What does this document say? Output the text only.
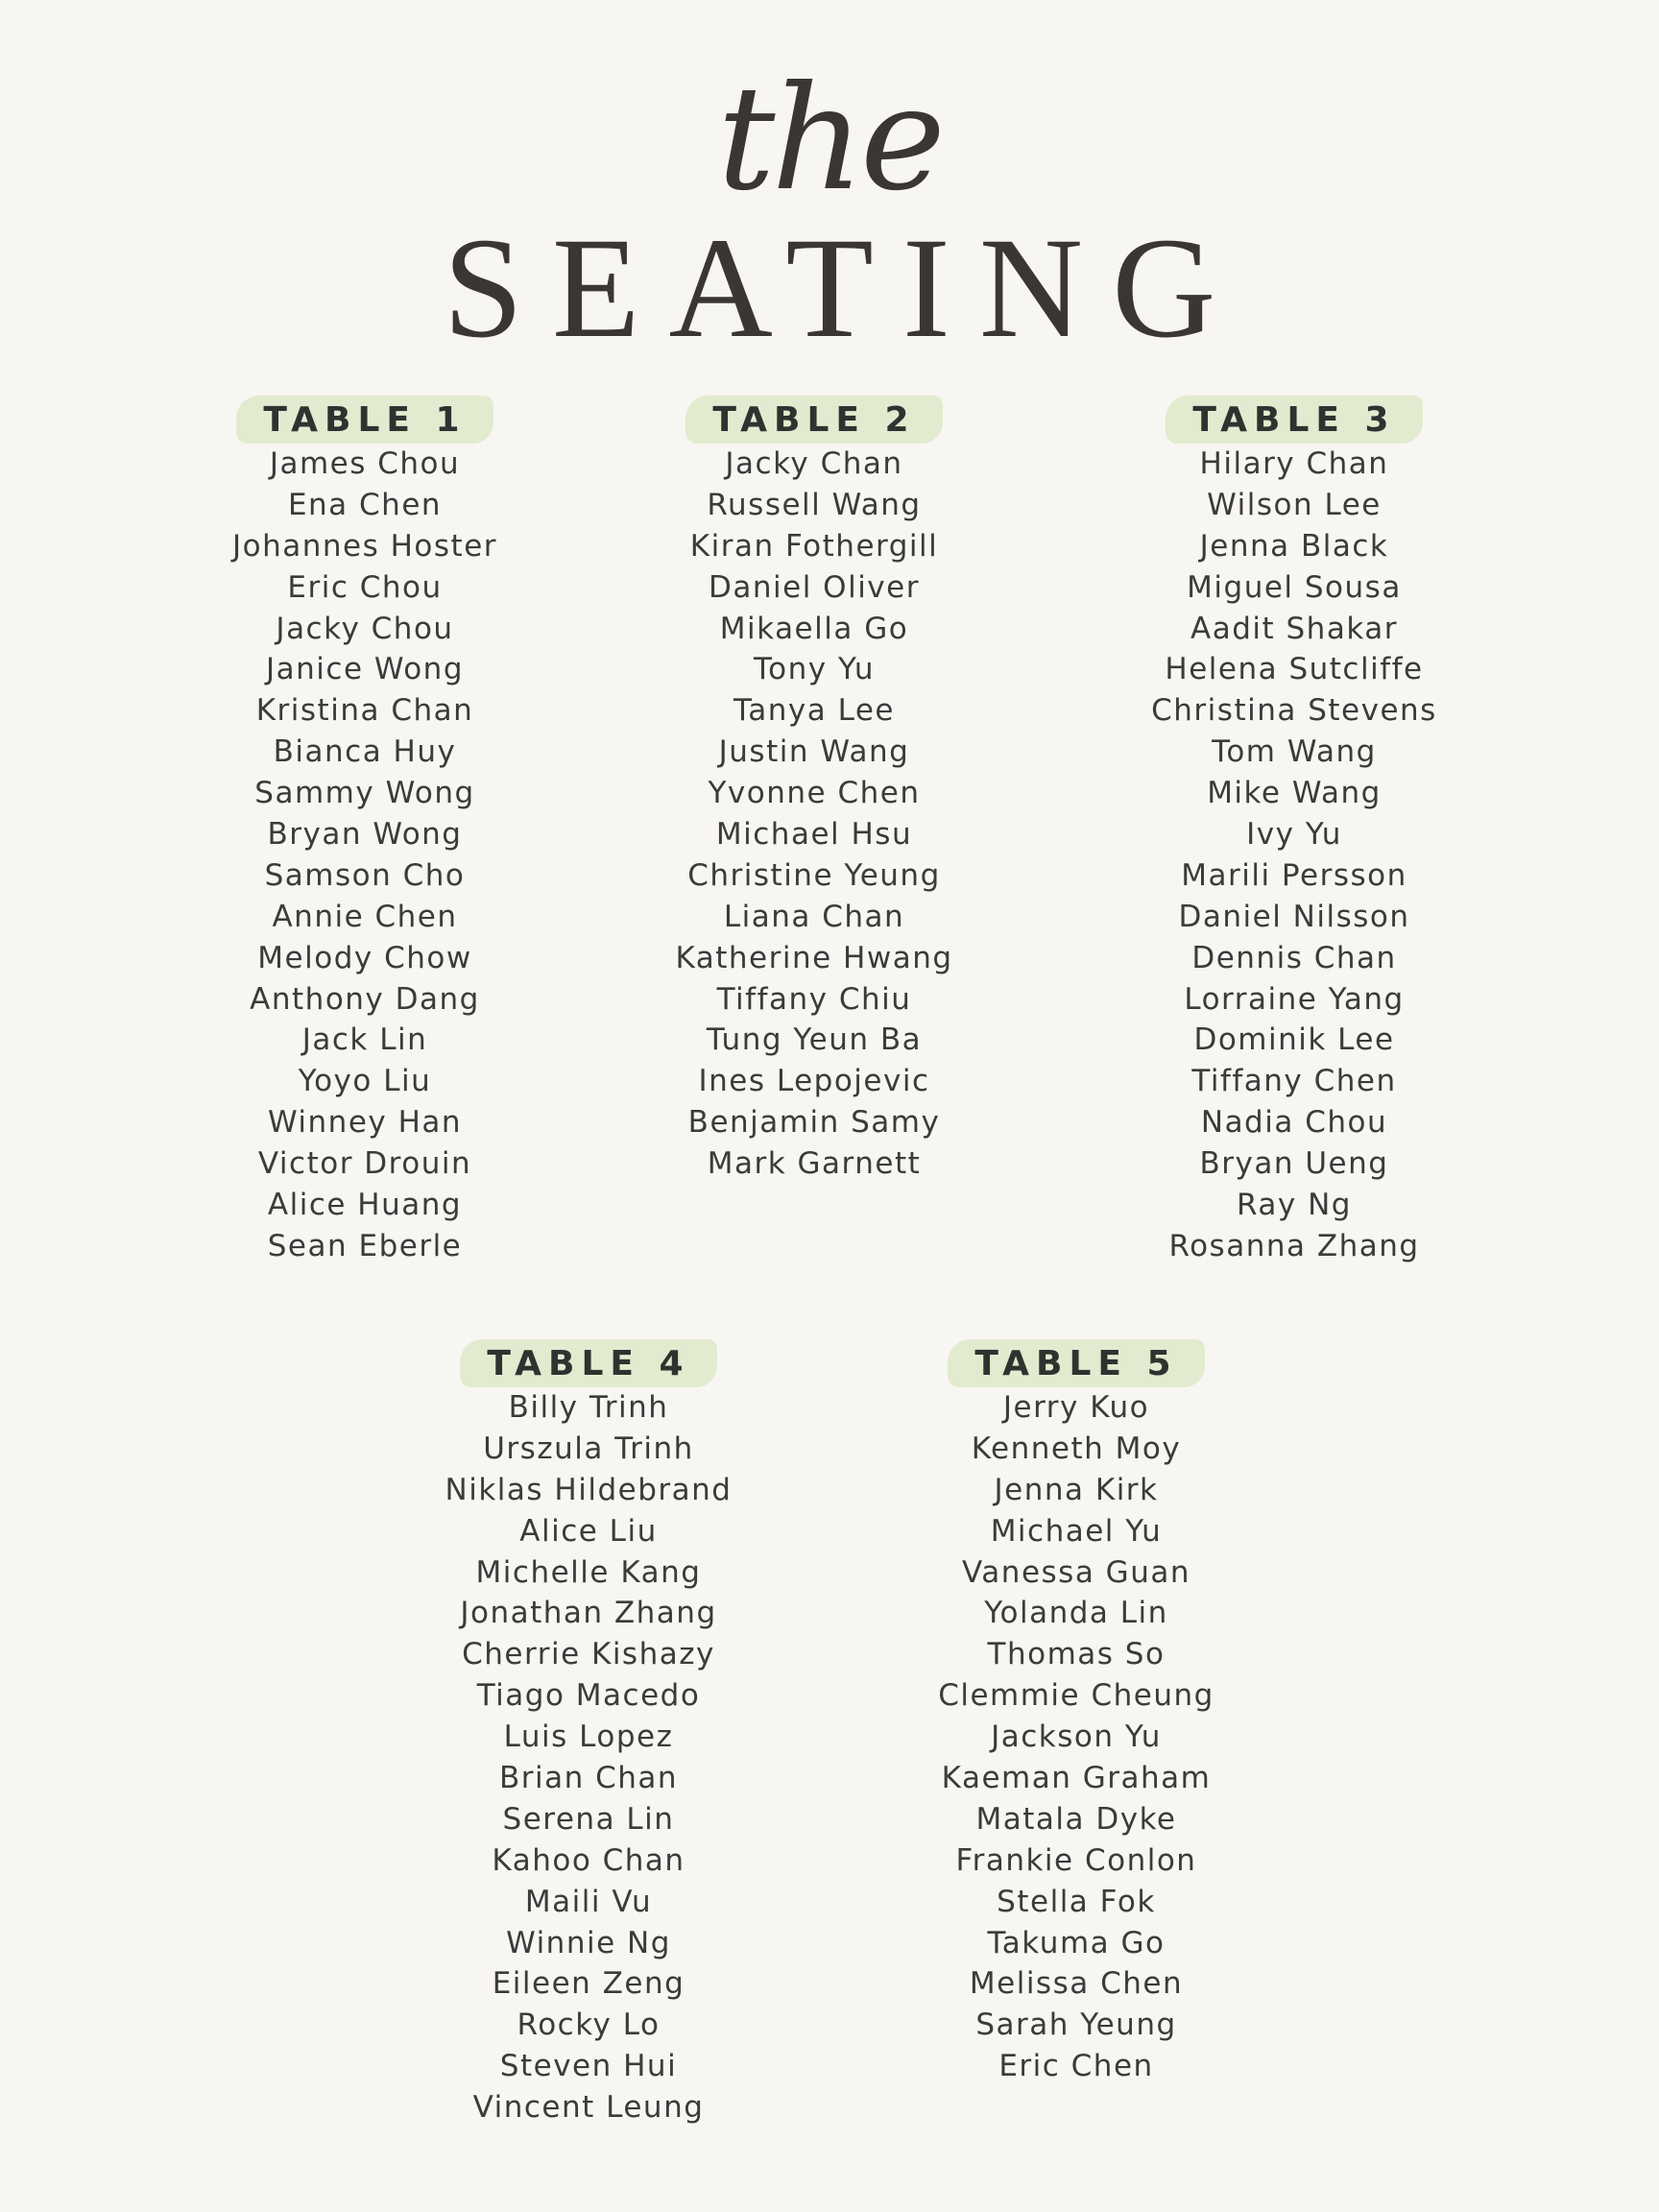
the
SEATING
TABLE 1
James Chou
Ena Chen
Johannes Hoster
Eric Chou
Jacky Chou
Janice Wong
Kristina Chan
Bianca Huy
Sammy Wong
Bryan Wong
Samson Cho
Annie Chen
Melody Chow
Anthony Dang
Jack Lin
Yoyo Liu
Winney Han
Victor Drouin
Alice Huang
Sean Eberle
TABLE 2
Jacky Chan
Russell Wang
Kiran Fothergill
Daniel Oliver
Mikaella Go
Tony Yu
Tanya Lee
Justin Wang
Yvonne Chen
Michael Hsu
Christine Yeung
Liana Chan
Katherine Hwang
Tiffany Chiu
Tung Yeun Ba
Ines Lepojevic
Benjamin Samy
Mark Garnett
TABLE 3
Hilary Chan
Wilson Lee
Jenna Black
Miguel Sousa
Aadit Shakar
Helena Sutcliffe
Christina Stevens
Tom Wang
Mike Wang
Ivy Yu
Marili Persson
Daniel Nilsson
Dennis Chan
Lorraine Yang
Dominik Lee
Tiffany Chen
Nadia Chou
Bryan Ueng
Ray Ng
Rosanna Zhang
TABLE 4
Billy Trinh
Urszula Trinh
Niklas Hildebrand
Alice Liu
Michelle Kang
Jonathan Zhang
Cherrie Kishazy
Tiago Macedo
Luis Lopez
Brian Chan
Serena Lin
Kahoo Chan
Maili Vu
Winnie Ng
Eileen Zeng
Rocky Lo
Steven Hui
Vincent Leung
TABLE 5
Jerry Kuo
Kenneth Moy
Jenna Kirk
Michael Yu
Vanessa Guan
Yolanda Lin
Thomas So
Clemmie Cheung
Jackson Yu
Kaeman Graham
Matala Dyke
Frankie Conlon
Stella Fok
Takuma Go
Melissa Chen
Sarah Yeung
Eric Chen
